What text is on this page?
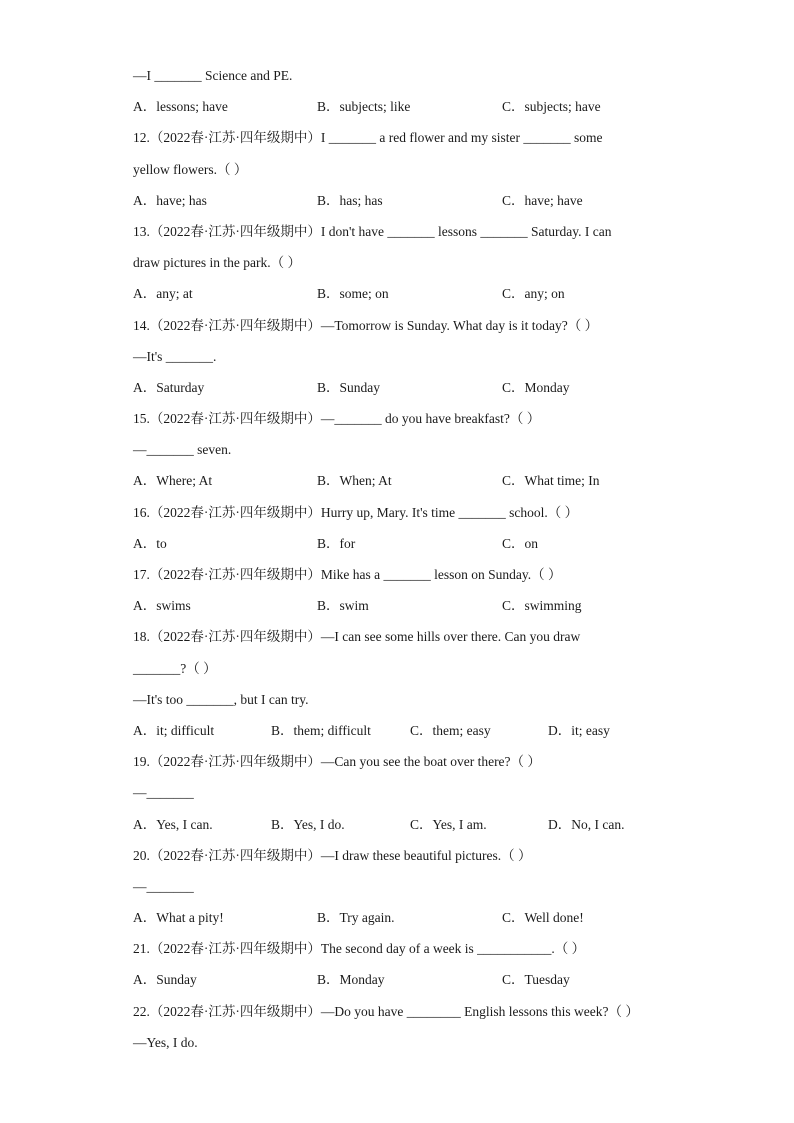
—I _______ Science and PE.
A．lessons; have	B．subjects; like	C．subjects; have
12.（2022春·江苏·四年级期中）I _______ a red flower and my sister _______ some
yellow flowers.（ ）
A．have; has	B．has; has	C．have; have
13.（2022春·江苏·四年级期中）I don't have _______ lessons _______ Saturday. I can
draw pictures in the park.（ ）
A．any; at	B．some; on	C．any; on
14.（2022春·江苏·四年级期中）—Tomorrow is Sunday. What day is it today?（ ）
—It's _______.
A．Saturday	B．Sunday	C．Monday
15.（2022春·江苏·四年级期中）—_______ do you have breakfast?（ ）
—_______ seven.
A．Where; At	B．When; At	C．What time; In
16.（2022春·江苏·四年级期中）Hurry up, Mary. It's time _______ school.（ ）
A．to	B．for	C．on
17.（2022春·江苏·四年级期中）Mike has a _______ lesson on Sunday.（ ）
A．swims	B．swim	C．swimming
18.（2022春·江苏·四年级期中）—I can see some hills over there. Can you draw
_______?（ ）
—It's too _______, but I can try.
A．it; difficult	B．them; difficult	C．them; easy	D．it; easy
19.（2022春·江苏·四年级期中）—Can you see the boat over there?（ ）
—_______
A．Yes, I can.	B．Yes, I do.	C．Yes, I am.	D．No, I can.
20.（2022春·江苏·四年级期中）—I draw these beautiful pictures.（ ）
—_______
A．What a pity!	B．Try again.	C．Well done!
21.（2022春·江苏·四年级期中）The second day of a week is ___________.（ ）
A．Sunday	B．Monday	C．Tuesday
22.（2022春·江苏·四年级期中）—Do you have ________ English lessons this week?（ ）
—Yes, I do.
